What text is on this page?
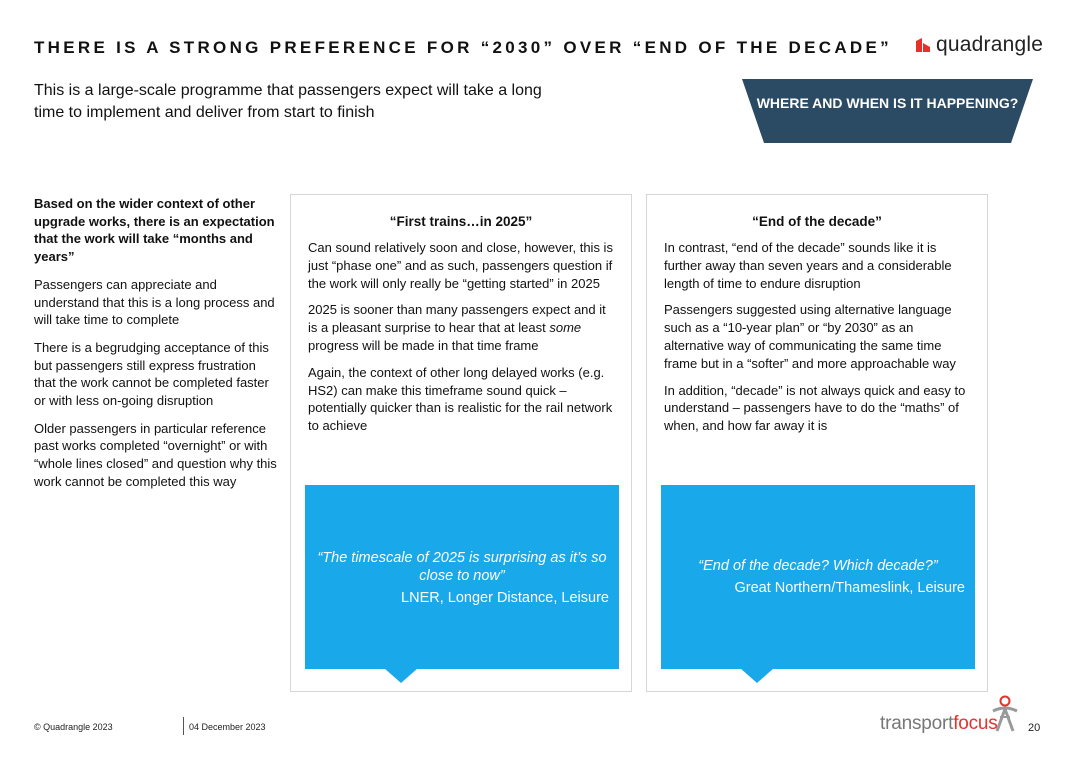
THERE IS A STRONG PREFERENCE FOR “2030” OVER “END OF THE DECADE” quadrangle
This is a large-scale programme that passengers expect will take a long time to implement and deliver from start to finish
WHERE AND WHEN IS IT HAPPENING?

Based on the wider context of other upgrade works, there is an expectation that the work will take “months and years”

Passengers can appreciate and understand that this is a long process and will take time to complete

There is a begrudging acceptance of this but passengers still express frustration that the work cannot be completed faster or with less on-going disruption

Older passengers in particular reference past works completed “overnight” or with “whole lines closed” and question why this work cannot be completed this way

“First trains…in 2025”

Can sound relatively soon and close, however, this is just “phase one” and as such, passengers question if the work will only really be “getting started” in 2025

2025 is sooner than many passengers expect and it is a pleasant surprise to hear that at least some progress will be made in that time frame

Again, the context of other long delayed works (e.g. HS2) can make this timeframe sound quick – potentially quicker than is realistic for the rail network to achieve

“The timescale of 2025 is surprising as it’s so close to now”
LNER, Longer Distance, Leisure
“End of the decade”

In contrast, “end of the decade” sounds like it is further away than seven years and a considerable length of time to endure disruption

Passengers suggested using alternative language such as a “10-year plan” or “by 2030” as an alternative way of communicating the same time frame but in a “softer” and more approachable way

In addition, “decade” is not always quick and easy to understand – passengers have to do the “maths” of when, and how far away it is

“End of the decade? Which decade?”
Great Northern/Thameslink, Leisure
© Quadrangle 2023	04 December 2023	transportfocus	20
